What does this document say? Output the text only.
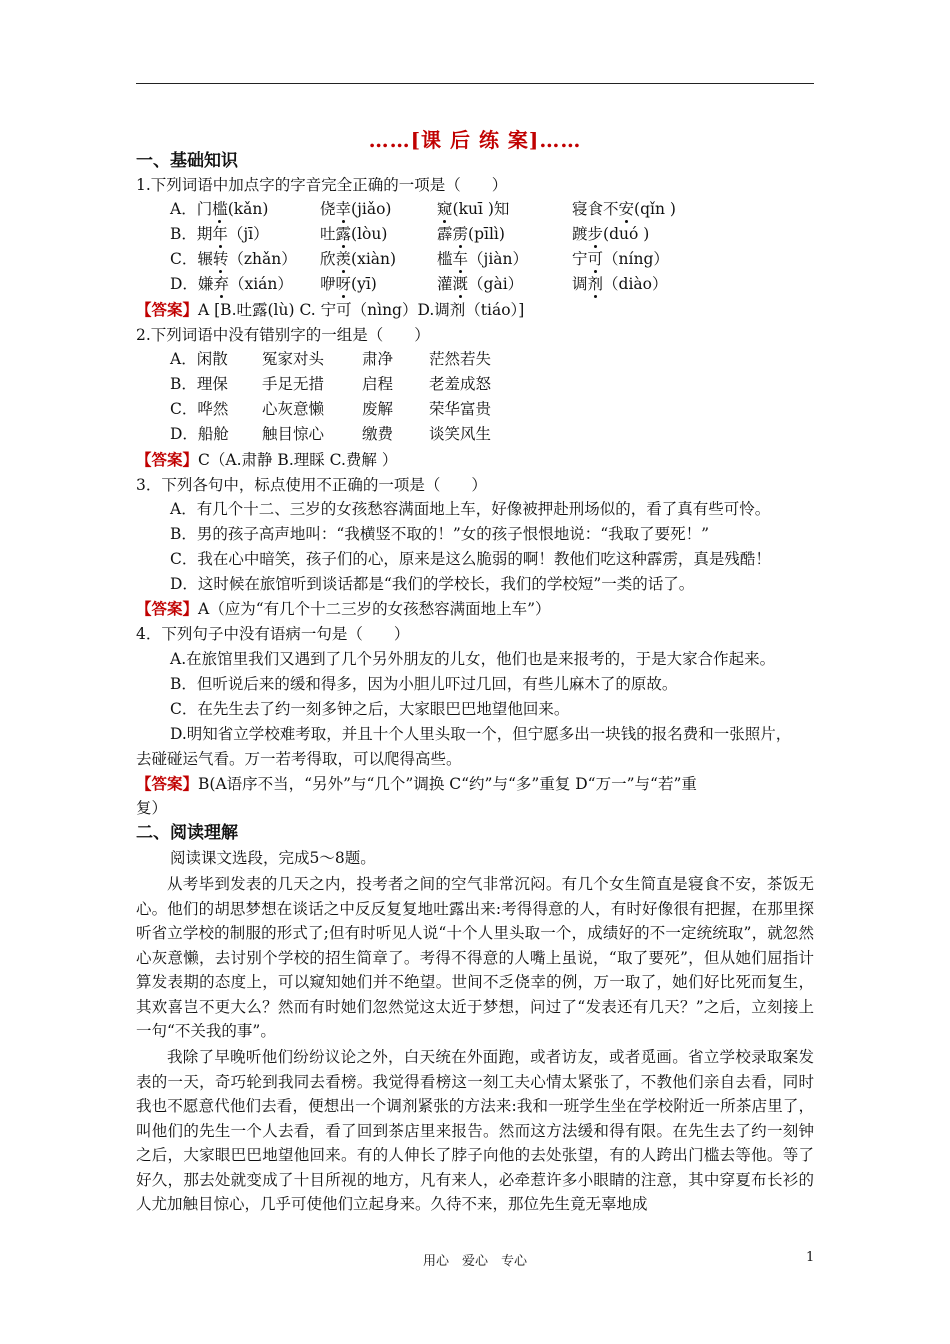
……[课 后 练 案]……
一、基础知识
1.下列词语中加点字的字音完全正确的一项是（　　）
A．门槛(kǎn)	侥幸(jiǎo)	窥(kuī )知	寝食不安(qǐn )
B．期年（jī）	吐露(lòu)	霹雳(pīlì)	踱步(duó )
C．辗转（zhǎn） 欣羡(xiàn)	槛车（jiàn）	宁可（níng）
D．嫌弃（xián） 咿呀(yī)	灌溉（gài）	调剂（diào）
【答案】A [B.吐露(lù) C. 宁可（nìng）D.调剂（tiáo）]
2.下列词语中没有错别字的一组是（　　）
A．闲散 冤家对头 肃净 茫然若失
B．理保 手足无措 启程 老羞成怒
C．哗然 心灰意懒 废解 荣华富贵
D．船舱 触目惊心 缴费 谈笑风生
【答案】C（A.肃静 B.理睬 C.费解 ）
3．下列各句中，标点使用不正确的一项是（　　）
A．有几个十二、三岁的女孩愁容满面地上车，好像被押赴刑场似的，看了真有些可怜。
B．男的孩子高声地叫：“我横竖不取的！”女的孩子恨恨地说：“我取了要死！”
C．我在心中暗笑，孩子们的心，原来是这么脆弱的啊！教他们吃这种霹雳，真是残酷！
D．这时候在旅馆听到谈话都是“我们的学校长，我们的学校短”一类的话了。
【答案】A（应为“有几个十二三岁的女孩愁容满面地上车”）
4．下列句子中没有语病一句是（　　）
A.在旅馆里我们又遇到了几个另外朋友的儿女，他们也是来报考的，于是大家合作起来。
B．但听说后来的缓和得多，因为小胆儿吓过几回，有些儿麻木了的原故。
C．在先生去了约一刻多钟之后，大家眼巴巴地望他回来。
D.明知省立学校难考取，并且十个人里头取一个，但宁愿多出一块钱的报名费和一张照片，
去碰碰运气看。万一若考得取，可以爬得高些。
【答案】B(A语序不当，“另外”与“几个”调换 C“约”与“多”重复 D“万一”与“若”重
复）
二、阅读理解
阅读课文选段，完成5～8题。
从考毕到发表的几天之内，投考者之间的空气非常沉闷。有几个女生简直是寝食不安，茶饭无心。他们的胡思梦想在谈话之中反反复复地吐露出来:考得得意的人，有时好像很有把握，在那里探听省立学校的制服的形式了;但有时听见人说“十个人里头取一个，成绩好的不一定统统取”，就忽然心灰意懒，去讨别个学校的招生简章了。考得不得意的人嘴上虽说，“取了要死”，但从她们屈指计算发表期的态度上，可以窥知她们并不绝望。世间不乏侥幸的例，万一取了，她们好比死而复生，其欢喜岂不更大么？然而有时她们忽然觉这太近于梦想，问过了“发表还有几天？”之后，立刻接上一句“不关我的事”。
我除了早晚听他们纷纷议论之外，白天统在外面跑，或者访友，或者觅画。省立学校录取案发表的一天，奇巧轮到我同去看榜。我觉得看榜这一刻工夫心情太紧张了，不教他们亲自去看，同时我也不愿意代他们去看，便想出一个调剂紧张的方法来:我和一班学生坐在学校附近一所茶店里了，叫他们的先生一个人去看，看了回到茶店里来报告。然而这方法缓和得有限。在先生去了约一刻钟之后，大家眼巴巴地望他回来。有的人伸长了脖子向他的去处张望，有的人跨出门槛去等他。等了好久，那去处就变成了十目所视的地方，凡有来人，必牵惹许多小眼睛的注意，其中穿夏布长衫的人尤加触目惊心，几乎可使他们立起身来。久待不来，那位先生竟无辜地成
用心　爱心　专心	1
